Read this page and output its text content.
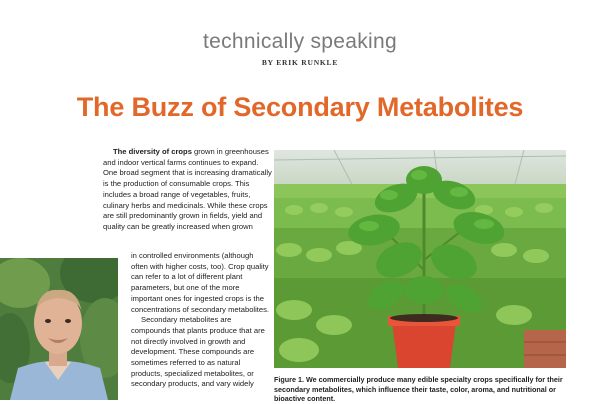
technically speaking
BY ERIK RUNKLE
The Buzz of Secondary Metabolites

The diversity of crops grown in greenhouses and indoor vertical farms continues to expand. One broad segment that is increasing dramatically is the production of consumable crops. This includes a broad range of vegetables, fruits, culinary herbs and medicinals. While these crops are still predominantly grown in fields, yield and quality can be greatly increased when grown

in controlled environments (although often with higher costs, too). Crop quality can refer to a lot of different plant parameters, but one of the more important ones for ingested crops is the concentrations of secondary metabolites.

Secondary metabolites are compounds that plants produce that are not directly involved in growth and development. These compounds are sometimes referred to as natural products, specialized metabolites, or secondary products, and vary widely	Figure 1. We commercially produce many edible specialty crops specifically for their secondary metabolites, which influence their taste, color, aroma, and nutritional or bioactive content.
